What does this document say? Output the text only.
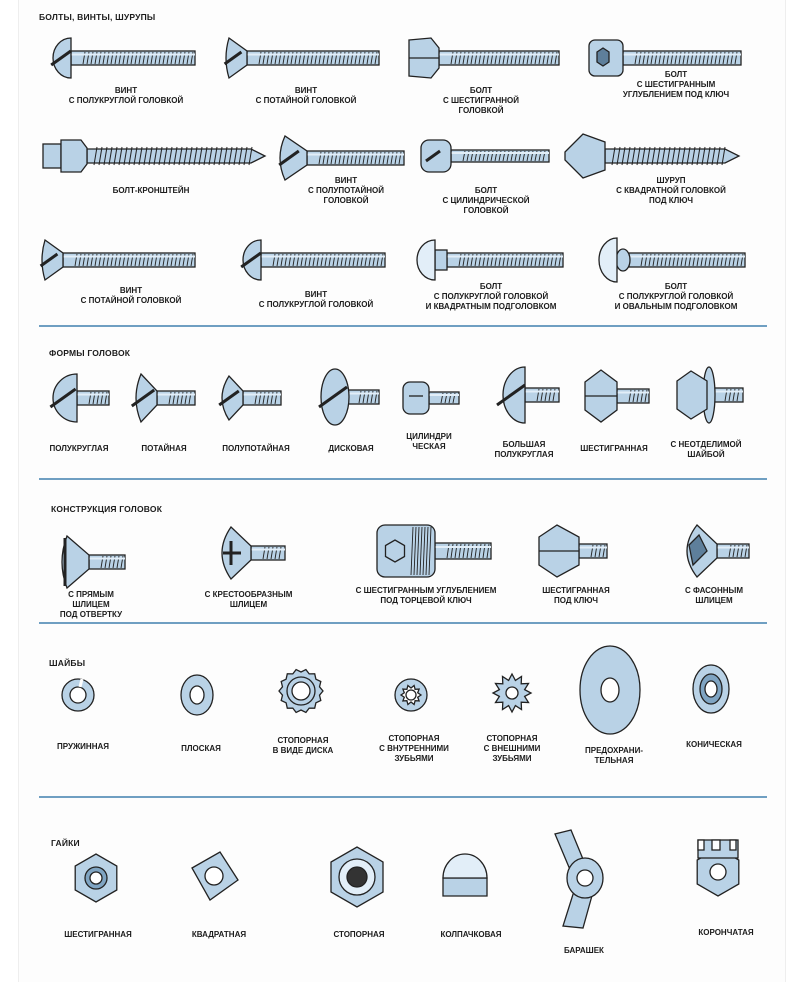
БОЛТЫ, ВИНТЫ, ШУРУПЫ
ФОРМЫ ГОЛОВОК
КОНСТРУКЦИЯ ГОЛОВОК
ШАЙБЫ
ГАЙКИ
ВИНТ
С ПОЛУКРУГЛОЙ ГОЛОВКОЙ
ВИНТ
С ПОТАЙНОЙ ГОЛОВКОЙ
БОЛТ
С ШЕСТИГРАННОЙ
ГОЛОВКОЙ
БОЛТ
С ШЕСТИГРАННЫМ
УГЛУБЛЕНИЕМ ПОД КЛЮЧ
БОЛТ-КРОНШТЕЙН
ВИНТ
С ПОЛУПОТАЙНОЙ
ГОЛОВКОЙ
БОЛТ
С ЦИЛИНДРИЧЕСКОЙ
ГОЛОВКОЙ
ШУРУП
С КВАДРАТНОЙ ГОЛОВКОЙ
ПОД КЛЮЧ
ВИНТ
С ПОТАЙНОЙ ГОЛОВКОЙ
ВИНТ
С ПОЛУКРУГЛОЙ ГОЛОВКОЙ
БОЛТ
С ПОЛУКРУГЛОЙ ГОЛОВКОЙ
И КВАДРАТНЫМ ПОДГОЛОВКОМ
БОЛТ
С ПОЛУКРУГЛОЙ ГОЛОВКОЙ
И ОВАЛЬНЫМ ПОДГОЛОВКОМ
ПОЛУКРУГЛАЯ	ПОТАЙНАЯ	ПОЛУПОТАЙНАЯ	ДИСКОВАЯ
ЦИЛИНДРИ
ЧЕСКАЯ	БОЛЬШАЯ
ПОЛУКРУГЛАЯ
ШЕСТИГРАННАЯ	С НЕОТДЕЛИМОЙ
ШАЙБОЙ
С ПРЯМЫМ
ШЛИЦЕМ
ПОД ОТВЕРТКУ
С КРЕСТООБРАЗНЫМ
ШЛИЦЕМ
С ШЕСТИГРАННЫМ УГЛУБЛЕНИЕМ
ПОД ТОРЦЕВОЙ КЛЮЧ
ШЕСТИГРАННАЯ
ПОД КЛЮЧ
С ФАСОННЫМ
ШЛИЦЕМ
ПРУЖИННАЯ	ПЛОСКАЯ
СТОПОРНАЯ
В ВИДЕ ДИСКА
СТОПОРНАЯ
С ВНУТРЕННИМИ
ЗУБЬЯМИ
СТОПОРНАЯ
С ВНЕШНИМИ
ЗУБЬЯМИ
ПРЕДОХРАНИ-
ТЕЛЬНАЯ
КОНИЧЕСКАЯ
ШЕСТИГРАННАЯ	КВАДРАТНАЯ	СТОПОРНАЯ	КОЛПАЧКОВАЯ
БАРАШЕК
КОРОНЧАТАЯ
